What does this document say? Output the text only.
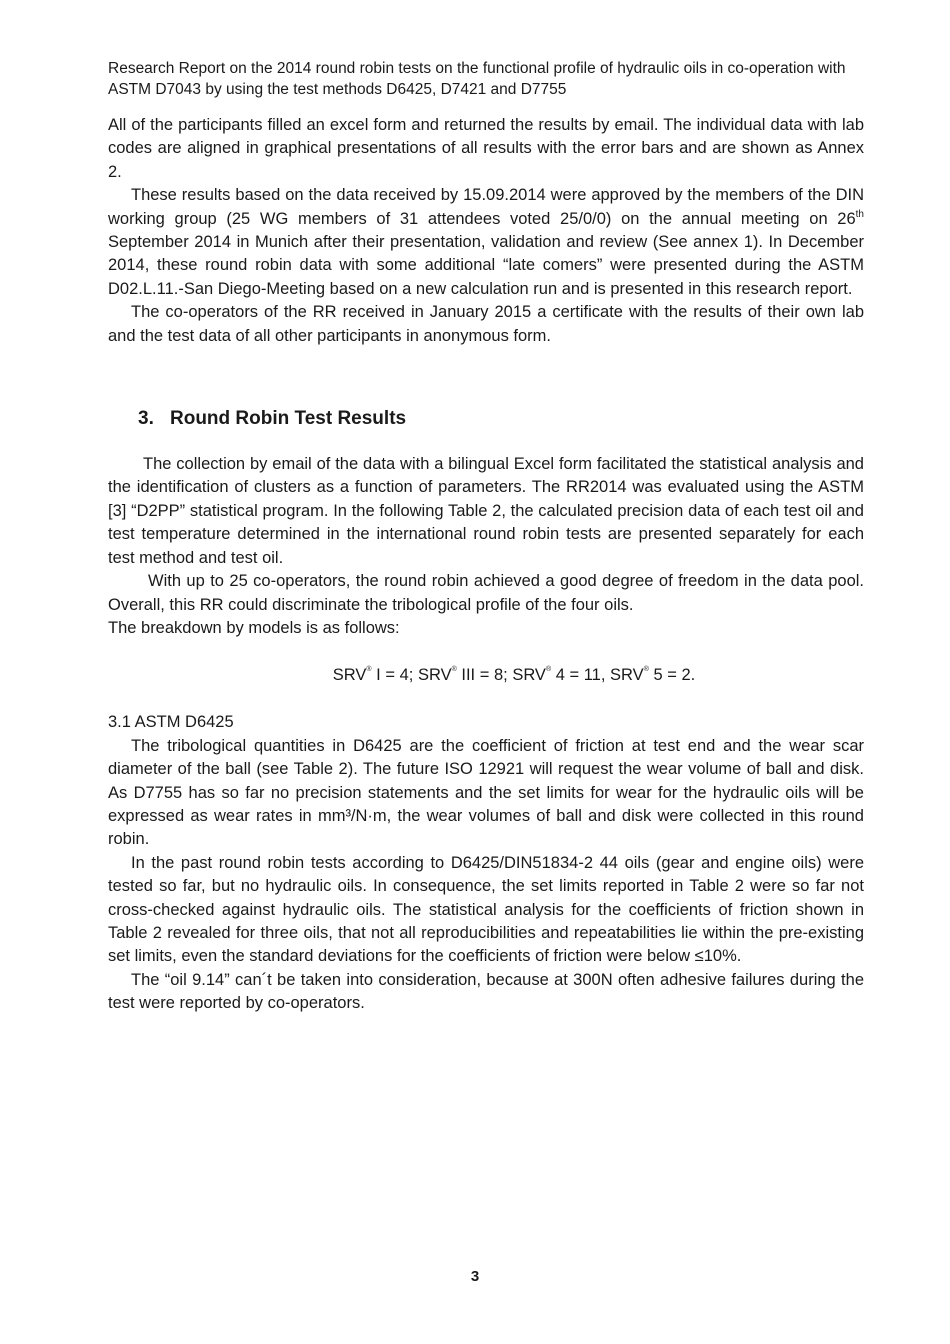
Research Report on the 2014 round robin tests on the functional profile of hydraulic oils in co-operation with

ASTM D7043 by using the test methods D6425, D7421 and D7755

All of the participants filled an excel form and returned the results by email. The individual data with lab codes are aligned in graphical presentations of all results with the error bars and are shown as Annex 2.

These results based on the data received by 15.09.2014 were approved by the members of the DIN working group (25 WG members of 31 attendees voted 25/0/0) on the annual meeting on 26th September 2014 in Munich after their presentation, validation and review (See annex 1). In December 2014, these round robin data with some additional “late comers” were presented during the ASTM D02.L.11.-San Diego-Meeting based on a new calculation run and is presented in this research report.

The co-operators of the RR received in January 2015 a certificate with the results of their own lab and the test data of all other participants in anonymous form.

3. Round Robin Test Results

The collection by email of the data with a bilingual Excel form facilitated the statistical analysis and the identification of clusters as a function of parameters. The RR2014 was evaluated using the ASTM [3] “D2PP” statistical program. In the following Table 2, the calculated precision data of each test oil and test temperature determined in the international round robin tests are presented separately for each test method and test oil.

With up to 25 co-operators, the round robin achieved a good degree of freedom in the data pool. Overall, this RR could discriminate the tribological profile of the four oils.

The breakdown by models is as follows:

SRV® I = 4; SRV® III = 8; SRV® 4 = 11, SRV® 5 = 2.

3.1 ASTM D6425

The tribological quantities in D6425 are the coefficient of friction at test end and the wear scar diameter of the ball (see Table 2). The future ISO 12921 will request the wear volume of ball and disk. As D7755 has so far no precision statements and the set limits for wear for the hydraulic oils will be expressed as wear rates in mm³/N·m, the wear volumes of ball and disk were collected in this round robin.

In the past round robin tests according to D6425/DIN51834-2 44 oils (gear and engine oils) were tested so far, but no hydraulic oils. In consequence, the set limits reported in Table 2 were so far not cross-checked against hydraulic oils. The statistical analysis for the coefficients of friction shown in Table 2 revealed for three oils, that not all reproducibilities and repeatabilities lie within the pre-existing set limits, even the standard deviations for the coefficients of friction were below ≤10%.

The “oil 9.14” can´t be taken into consideration, because at 300N often adhesive failures during the test were reported by co-operators.

3
